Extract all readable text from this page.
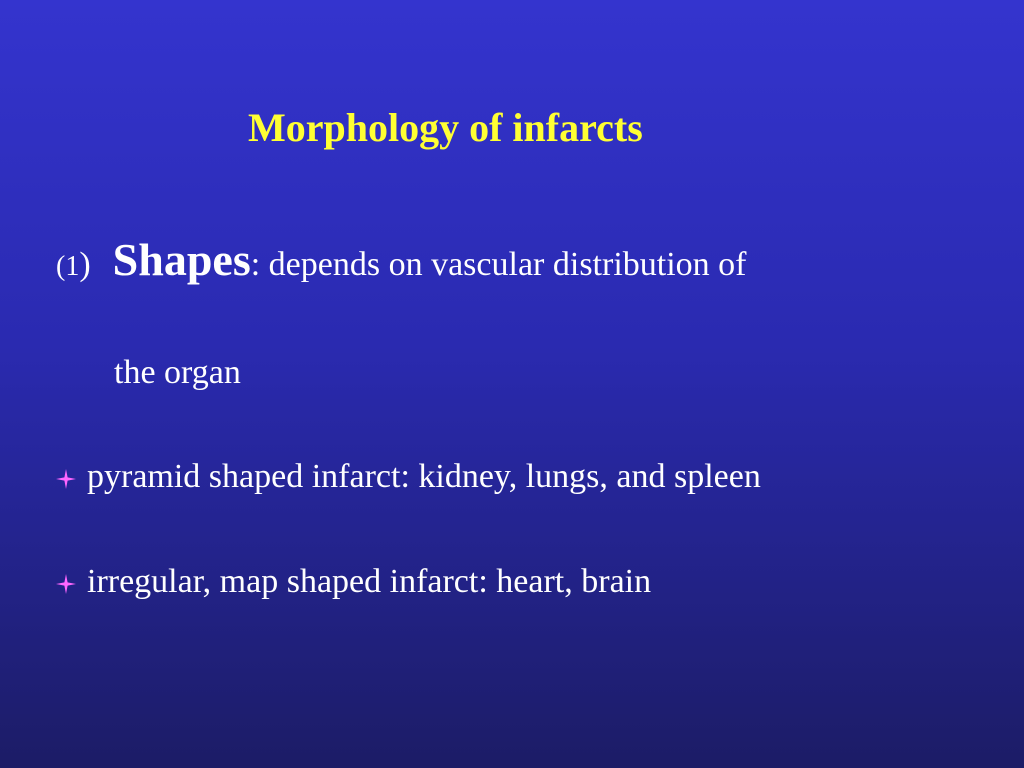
Morphology of infarcts
(1) Shapes: depends on vascular distribution of
the organ
pyramid shaped infarct: kidney, lungs, and spleen
irregular, map shaped infarct: heart, brain
